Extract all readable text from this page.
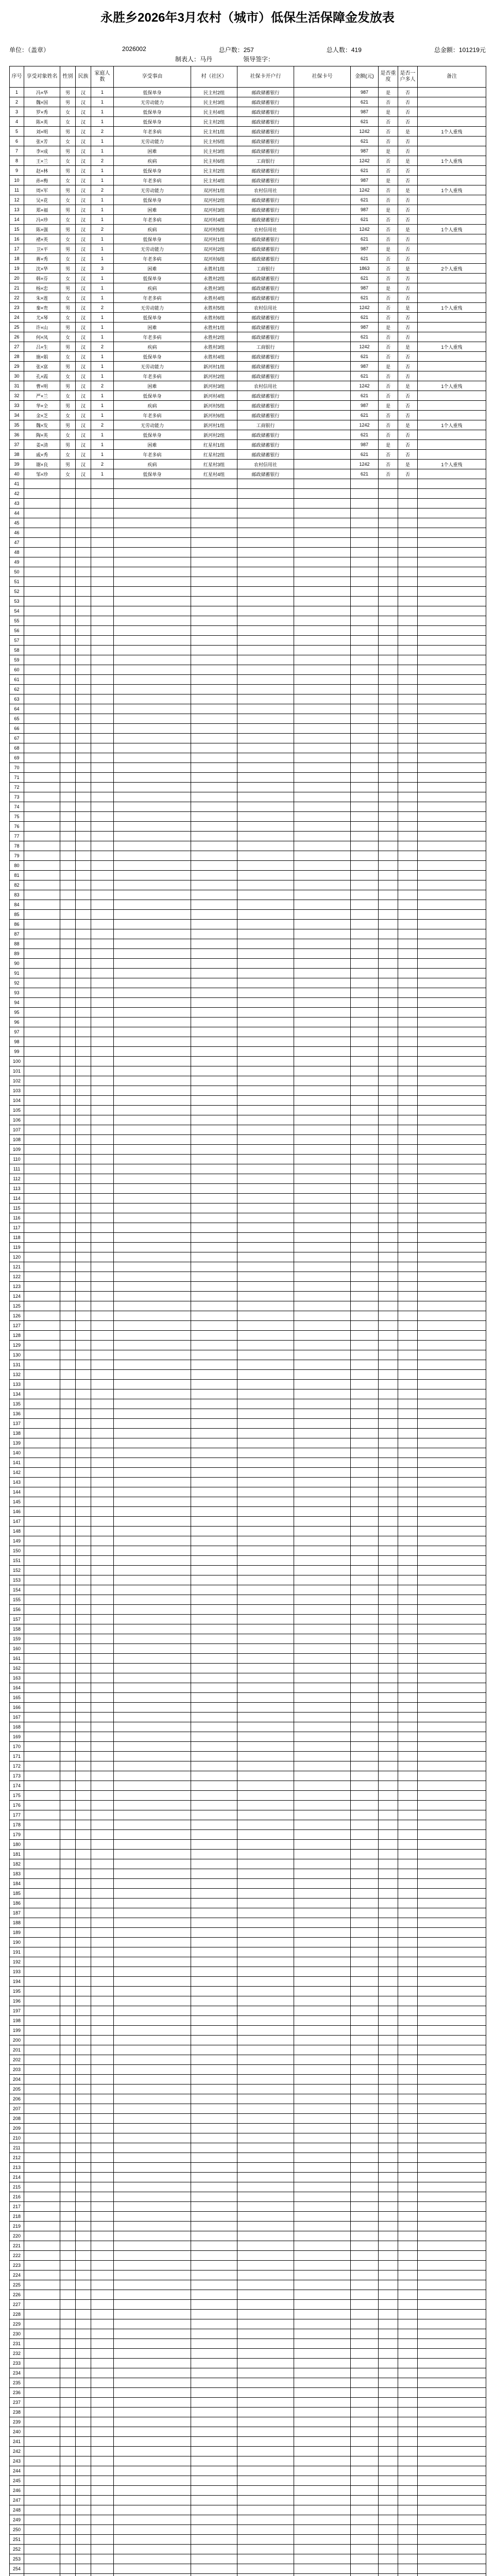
永胜乡2026年3月农村（城市）低保生活保障金发放表
单位：（盖章）	2026002	总户数：257	总人数：419	总金额：101219元
制表人：马丹	领导签字：
序号	享受对象姓名	性别	民族	家庭人数	享受事由	村（社区）	社保卡开户行	社保卡号	金额(元)	是否重度	是否一户多人	备注
1	冯×华	男	汉	1	低保单身	民主村2组	邮政储蓄银行		987	是	否	
2	魏×国	男	汉	1	无劳动能力	民主村3组	邮政储蓄银行		621	否	否	
3	罗×秀	女	汉	1	低保单身	民主村4组	邮政储蓄银行		987	是	否	
4	陈×英	女	汉	1	低保单身	民主村2组	邮政储蓄银行		621	否	否	
5	刘×明	男	汉	2	年老多病	民主村1组	邮政储蓄银行		1242	否	是	1个人重残
6	张×芳	女	汉	1	无劳动能力	民主村5组	邮政储蓄银行		621	否	否	
7	李×成	男	汉	1	困难	民主村3组	邮政储蓄银行		987	是	否	
8	王×兰	女	汉	2	疾病	民主村6组	工商银行		1242	否	是	1个人重残
9	赵×林	男	汉	1	低保单身	民主村2组	邮政储蓄银行		621	否	否	
10	孙×梅	女	汉	1	年老多病	民主村4组	邮政储蓄银行		987	是	否	
11	周×军	男	汉	2	无劳动能力	双河村1组	农村信用社		1242	否	是	1个人重残
12	吴×花	女	汉	1	低保单身	双河村2组	邮政储蓄银行		621	否	否	
13	郑×福	男	汉	1	困难	双河村3组	邮政储蓄银行		987	是	否	
14	冯×珍	女	汉	1	年老多病	双河村4组	邮政储蓄银行		621	否	否	
15	陈×强	男	汉	2	疾病	双河村5组	农村信用社		1242	否	是	1个人重残
16	褚×英	女	汉	1	低保单身	双河村1组	邮政储蓄银行		621	否	否	
17	卫×平	男	汉	1	无劳动能力	双河村2组	邮政储蓄银行		987	是	否	
18	蒋×秀	女	汉	1	年老多病	双河村6组	邮政储蓄银行		621	否	否	
19	沈×华	男	汉	3	困难	永胜村1组	工商银行		1863	否	是	2个人重残
20	韩×芬	女	汉	1	低保单身	永胜村2组	邮政储蓄银行		621	否	否	
21	杨×忠	男	汉	1	疾病	永胜村3组	邮政储蓄银行		987	是	否	
22	朱×莲	女	汉	1	年老多病	永胜村4组	邮政储蓄银行		621	否	否	
23	秦×贵	男	汉	2	无劳动能力	永胜村5组	农村信用社		1242	否	是	1个人重残
24	尤×琴	女	汉	1	低保单身	永胜村6组	邮政储蓄银行		621	否	否	
25	许×山	男	汉	1	困难	永胜村1组	邮政储蓄银行		987	是	否	
26	何×凤	女	汉	1	年老多病	永胜村2组	邮政储蓄银行		621	否	否	
27	吕×生	男	汉	2	疾病	永胜村3组	工商银行		1242	否	是	1个人重残
28	施×娟	女	汉	1	低保单身	永胜村4组	邮政储蓄银行		621	否	否	
29	张×富	男	汉	1	无劳动能力	新河村1组	邮政储蓄银行		987	是	否	
30	孔×霞	女	汉	1	年老多病	新河村2组	邮政储蓄银行		621	否	否	
31	曹×明	男	汉	2	困难	新河村3组	农村信用社		1242	否	是	1个人重残
32	严×兰	女	汉	1	低保单身	新河村4组	邮政储蓄银行		621	否	否	
33	华×全	男	汉	1	疾病	新河村5组	邮政储蓄银行		987	是	否	
34	金×芝	女	汉	1	年老多病	新河村6组	邮政储蓄银行		621	否	否	
35	魏×发	男	汉	2	无劳动能力	新河村1组	工商银行		1242	否	是	1个人重残
36	陶×英	女	汉	1	低保单身	新河村2组	邮政储蓄银行		621	否	否	
37	姜×清	男	汉	1	困难	红星村1组	邮政储蓄银行		987	是	否	
38	戚×秀	女	汉	1	年老多病	红星村2组	邮政储蓄银行		621	否	否	
39	谢×良	男	汉	2	疾病	红星村3组	农村信用社		1242	否	是	1个人重残
40	邹×珍	女	汉	1	低保单身	红星村4组	邮政储蓄银行		621	否	否	
41												
42												
43												
44												
45												
46												
47												
48												
49												
50												
51												
52												
53												
54												
55												
56												
57												
58												
59												
60												
61												
62												
63												
64												
65												
66												
67												
68												
69												
70												
71												
72												
73												
74												
75												
76												
77												
78												
79												
80												
81												
82												
83												
84												
85												
86												
87												
88												
89												
90												
91												
92												
93												
94												
95												
96												
97												
98												
99												
100												
101												
102												
103												
104												
105												
106												
107												
108												
109												
110												
111												
112												
113												
114												
115												
116												
117												
118												
119												
120												
121												
122												
123												
124												
125												
126												
127												
128												
129												
130												
131												
132												
133												
134												
135												
136												
137												
138												
139												
140												
141												
142												
143												
144												
145												
146												
147												
148												
149												
150												
151												
152												
153												
154												
155												
156												
157												
158												
159												
160												
161												
162												
163												
164												
165												
166												
167												
168												
169												
170												
171												
172												
173												
174												
175												
176												
177												
178												
179												
180												
181												
182												
183												
184												
185												
186												
187												
188												
189												
190												
191												
192												
193												
194												
195												
196												
197												
198												
199												
200												
201												
202												
203												
204												
205												
206												
207												
208												
209												
210												
211												
212												
213												
214												
215												
216												
217												
218												
219												
220												
221												
222												
223												
224												
225												
226												
227												
228												
229												
230												
231												
232												
233												
234												
235												
236												
237												
238												
239												
240												
241												
242												
243												
244												
245												
246												
247												
248												
249												
250												
251												
252												
253												
254												
